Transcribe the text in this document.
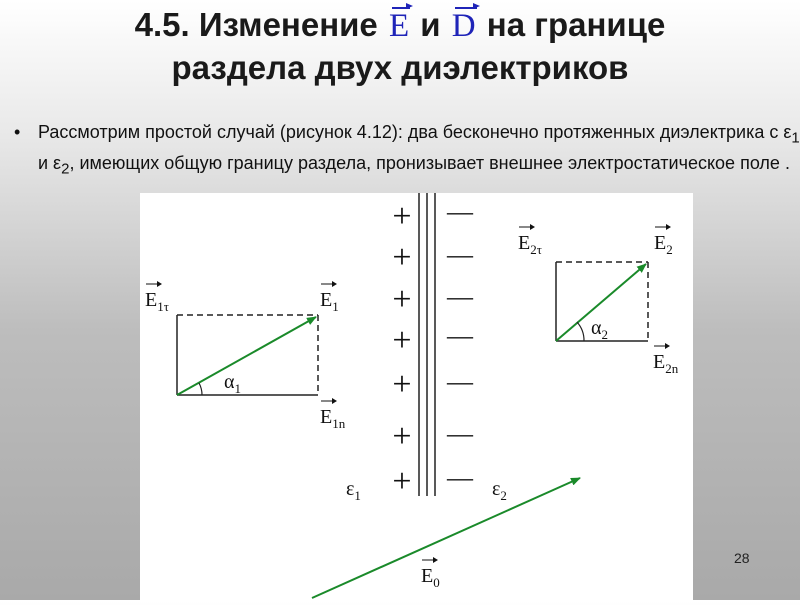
4.5. Изменение E и D на границе
раздела двух диэлектриков
• Рассмотрим простой случай (рисунок 4.12): два бесконечно протяженных диэлектрика с $\varepsilon_1$ и $\varepsilon_2$, имеющих общую границу раздела, пронизывает внешнее электростатическое поле .
+
+
+
+
+
+
+
—
—
—
—
—
—
—
$E_{1\tau}$	$E_1$
$E_{1n}$
$\alpha_1$
$E_{2\tau}$	$E_2$
$E_{2n}$
$\alpha_2$
$\varepsilon_1$	$\varepsilon_2$
$E_0$
28
